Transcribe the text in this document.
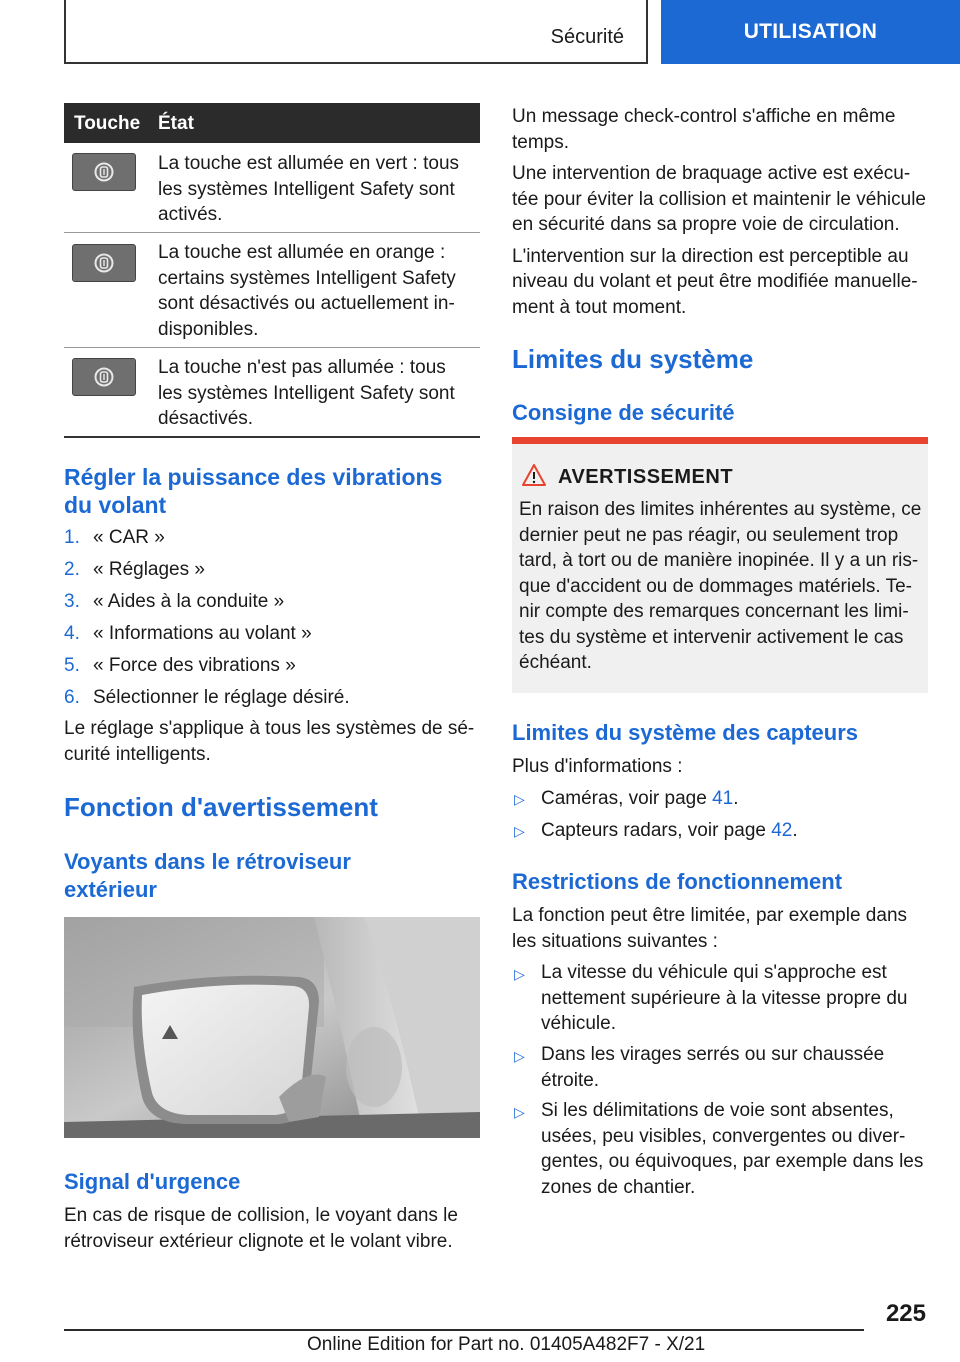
Sécurité	UTILISATION
Touche État
La touche est allumée en vert : tous
les systèmes Intelligent Safety sont
activés.
La touche est allumée en orange :
certains systèmes Intelligent Safety
sont désactivés ou actuellement in-
disponibles.
La touche n'est pas allumée : tous
les systèmes Intelligent Safety sont
désactivés.
Régler la puissance des vibrations
du volant
1. « CAR »
2. « Réglages »
3. « Aides à la conduite »
4. « Informations au volant »
5. « Force des vibrations »
6. Sélectionner le réglage désiré.
Le réglage s'applique à tous les systèmes de sé-
curité intelligents.
Fonction d'avertissement
Voyants dans le rétroviseur
extérieur
Signal d'urgence
En cas de risque de collision, le voyant dans le
rétroviseur extérieur clignote et le volant vibre.
Un message check-control s'affiche en même
temps.
Une intervention de braquage active est exécu-
tée pour éviter la collision et maintenir le véhicule
en sécurité dans sa propre voie de circulation.
L'intervention sur la direction est perceptible au
niveau du volant et peut être modifiée manuelle-
ment à tout moment.
Limites du système
Consigne de sécurité
AVERTISSEMENT
En raison des limites inhérentes au système, ce
dernier peut ne pas réagir, ou seulement trop
tard, à tort ou de manière inopinée. Il y a un ris-
que d'accident ou de dommages matériels. Te-
nir compte des remarques concernant les limi-
tes du système et intervenir activement le cas
échéant.
Limites du système des capteurs
Plus d'informations :
▷ Caméras, voir page 41.
▷ Capteurs radars, voir page 42.
Restrictions de fonctionnement
La fonction peut être limitée, par exemple dans
les situations suivantes :
▷ La vitesse du véhicule qui s'approche est
nettement supérieure à la vitesse propre du
véhicule.
▷ Dans les virages serrés ou sur chaussée
étroite.
▷ Si les délimitations de voie sont absentes,
usées, peu visibles, convergentes ou diver-
gentes, ou équivoques, par exemple dans les
zones de chantier.
225
Online Edition for Part no. 01405A482F7 - X/21
